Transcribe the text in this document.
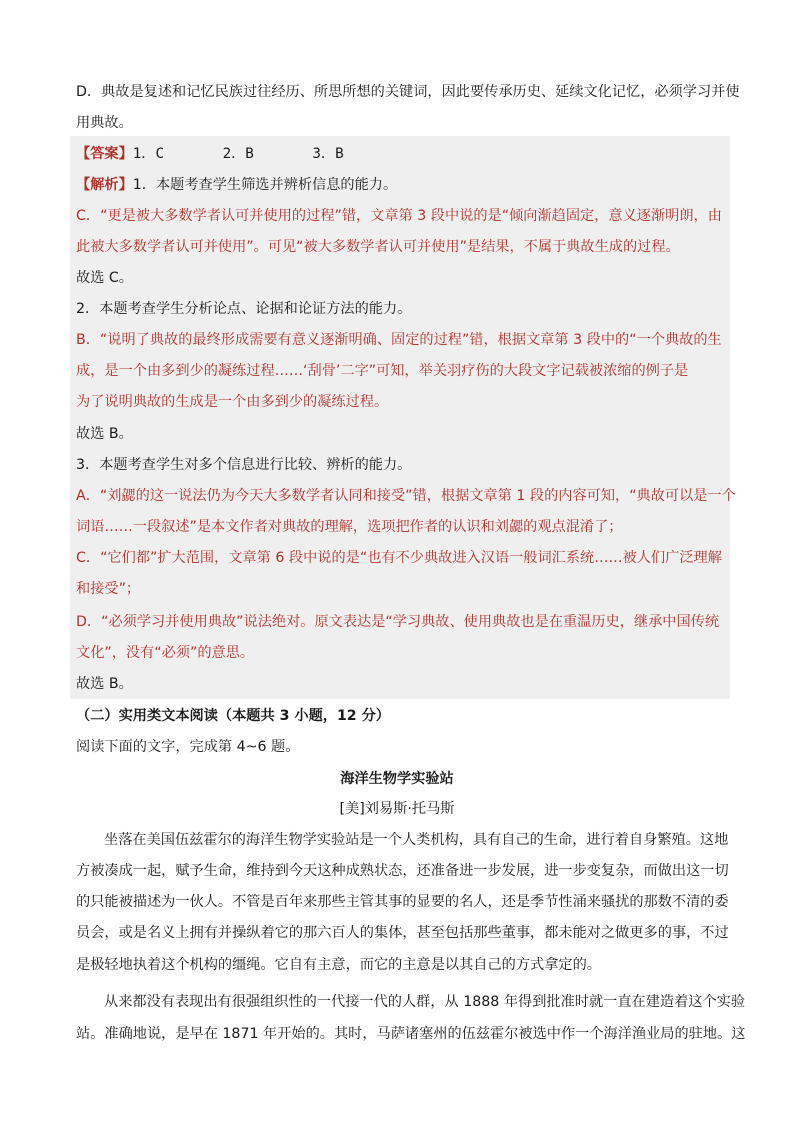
D．典故是复述和记忆民族过往经历、所思所想的关键词，因此要传承历史、延续文化记忆，必须学习并使
用典故。
【答案】1．C	2．B	3．B
【解析】1．本题考查学生筛选并辨析信息的能力。
C．“更是被大多数学者认可并使用的过程”错，文章第 3 段中说的是“倾向渐趋固定，意义逐渐明朗，由
此被大多数学者认可并使用”。可见“被大多数学者认可并使用”是结果，不属于典故生成的过程。
故选 C。
2．本题考查学生分析论点、论据和论证方法的能力。
B．“说明了典故的最终形成需要有意义逐渐明确、固定的过程”错，根据文章第 3 段中的“一个典故的生
成，是一个由多到少的凝练过程……‘刮骨’二字”可知，举关羽疗伤的大段文字记载被浓缩的例子是
为了说明典故的生成是一个由多到少的凝练过程。
故选 B。
3．本题考查学生对多个信息进行比较、辨析的能力。
A．“刘勰的这一说法仍为今天大多数学者认同和接受”错，根据文章第 1 段的内容可知，“典故可以是一个
词语……一段叙述”是本文作者对典故的理解，选项把作者的认识和刘勰的观点混淆了；
C．“它们都”扩大范围，文章第 6 段中说的是“也有不少典故进入汉语一般词汇系统……被人们广泛理解
和接受”；
D．“必须学习并使用典故”说法绝对。原文表达是“学习典故、使用典故也是在重温历史，继承中国传统
文化”，没有“必须”的意思。
故选 B。
（二）实用类文本阅读（本题共 3 小题，12 分）
阅读下面的文字，完成第 4~6 题。
海洋生物学实验站
[美]刘易斯·托马斯
坐落在美国伍兹霍尔的海洋生物学实验站是一个人类机构，具有自己的生命，进行着自身繁殖。这地
方被凑成一起，赋予生命，维持到今天这种成熟状态，还准备进一步发展，进一步变复杂，而做出这一切
的只能被描述为一伙人。不管是百年来那些主管其事的显要的名人，还是季节性涌来骚扰的那数不清的委
员会，或是名义上拥有并操纵着它的那六百人的集体，甚至包括那些董事，都未能对之做更多的事，不过
是极轻地执着这个机构的缰绳。它自有主意，而它的主意是以其自己的方式拿定的。
从来都没有表现出有很强组织性的一代接一代的人群，从 1888 年得到批准时就一直在建造着这个实验
站。准确地说，是早在 1871 年开始的。其时，马萨诸塞州的伍兹霍尔被选中作一个海洋渔业局的驻地。这
